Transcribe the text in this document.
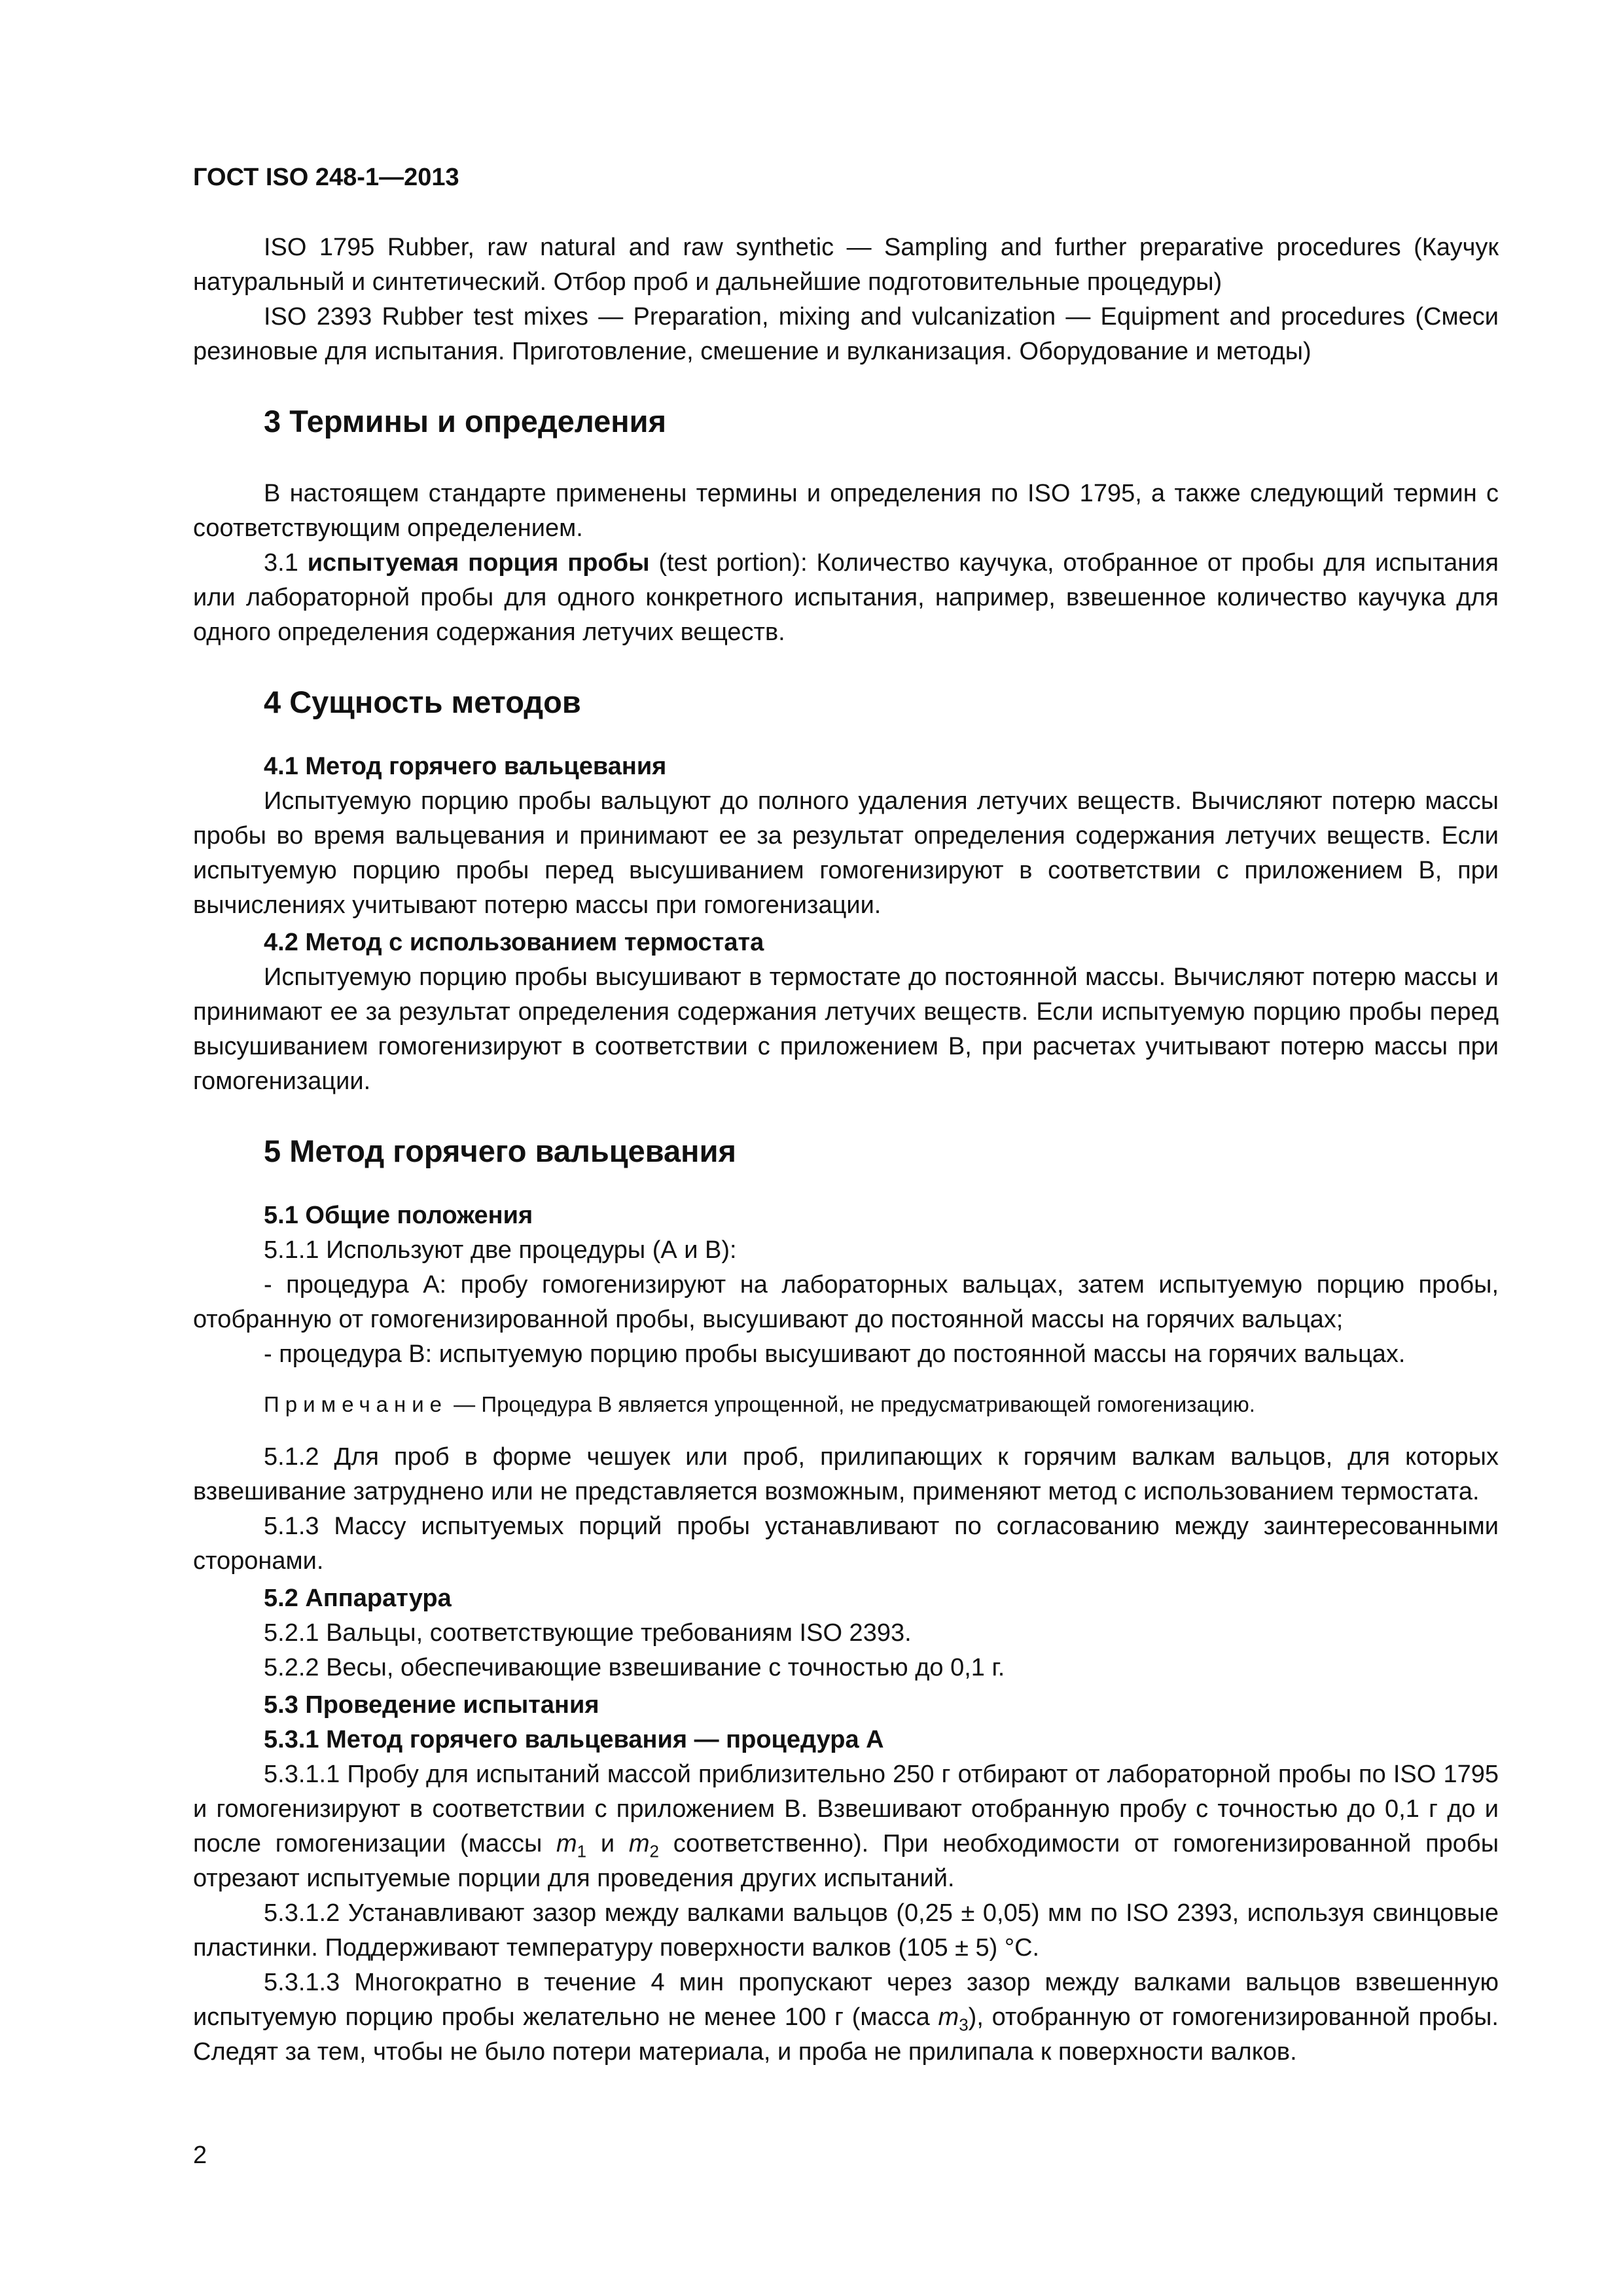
ГОСТ ISO 248-1—2013

ISO 1795 Rubber, raw natural and raw synthetic — Sampling and further preparative procedures (Каучук натуральный и синтетический. Отбор проб и дальнейшие подготовительные процедуры)

ISO 2393 Rubber test mixes — Preparation, mixing and vulcanization — Equipment and procedures (Смеси резиновые для испытания. Приготовление, смешение и вулканизация. Оборудование и методы)

3 Термины и определения

В настоящем стандарте применены термины и определения по ISO 1795, а также следующий термин с соответствующим определением.

3.1 испытуемая порция пробы (test portion): Количество каучука, отобранное от пробы для испытания или лабораторной пробы для одного конкретного испытания, например, взвешенное количество каучука для одного определения содержания летучих веществ.

4 Сущность методов
4.1 Метод горячего вальцевания

Испытуемую порцию пробы вальцуют до полного удаления летучих веществ. Вычисляют потерю массы пробы во время вальцевания и принимают ее за результат определения содержания летучих веществ. Если испытуемую порцию пробы перед высушиванием гомогенизируют в соответствии с приложением В, при вычислениях учитывают потерю массы при гомогенизации.

4.2 Метод с использованием термостата

Испытуемую порцию пробы высушивают в термостате до постоянной массы. Вычисляют потерю массы и принимают ее за результат определения содержания летучих веществ. Если испытуемую порцию пробы перед высушиванием гомогенизируют в соответствии с приложением В, при расчетах учитывают потерю массы при гомогенизации.

5 Метод горячего вальцевания
5.1 Общие положения

5.1.1 Используют две процедуры (А и В):

- процедура А: пробу гомогенизируют на лабораторных вальцах, затем испытуемую порцию пробы, отобранную от гомогенизированной пробы, высушивают до постоянной массы на горячих вальцах;

- процедура В: испытуемую порцию пробы высушивают до постоянной массы на горячих вальцах.

Примечание — Процедура В является упрощенной, не предусматривающей гомогенизацию.

5.1.2 Для проб в форме чешуек или проб, прилипающих к горячим валкам вальцов, для которых взвешивание затруднено или не представляется возможным, применяют метод с использованием термостата.

5.1.3 Массу испытуемых порций пробы устанавливают по согласованию между заинтересованными сторонами.

5.2 Аппаратура

5.2.1 Вальцы, соответствующие требованиям ISO 2393.

5.2.2 Весы, обеспечивающие взвешивание с точностью до 0,1 г.

5.3 Проведение испытания
5.3.1 Метод горячего вальцевания — процедура А

5.3.1.1 Пробу для испытаний массой приблизительно 250 г отбирают от лабораторной пробы по ISO 1795 и гомогенизируют в соответствии с приложением В. Взвешивают отобранную пробу с точностью до 0,1 г до и после гомогенизации (массы $m_1$ и $m_2$ соответственно). При необходимости от гомогенизированной пробы отрезают испытуемые порции для проведения других испытаний.

5.3.1.2 Устанавливают зазор между валками вальцов (0,25 ± 0,05) мм по ISO 2393, используя свинцовые пластинки. Поддерживают температуру поверхности валков (105 ± 5) °С.

5.3.1.3 Многократно в течение 4 мин пропускают через зазор между валками вальцов взвешенную испытуемую порцию пробы желательно не менее 100 г (масса $m_3$), отобранную от гомогенизированной пробы. Следят за тем, чтобы не было потери материала, и проба не прилипала к поверхности валков.

2
